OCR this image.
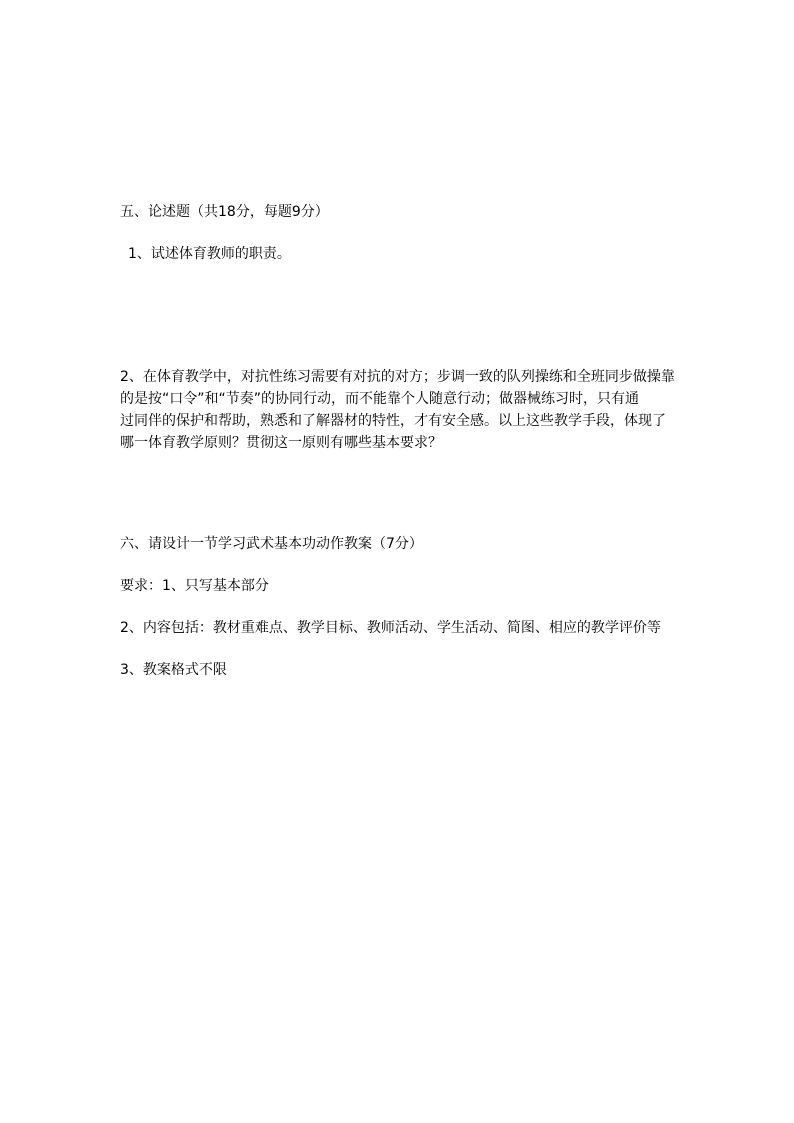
五、论述题（共18分，每题9分）
1、试述体育教师的职责。
2、在体育教学中，对抗性练习需要有对抗的对方；步调一致的队列操练和全班同步做操靠
的是按“口令”和“节奏”的协同行动，而不能靠个人随意行动；做器械练习时，只有通
过同伴的保护和帮助，熟悉和了解器材的特性，才有安全感。以上这些教学手段，体现了
哪一体育教学原则？贯彻这一原则有哪些基本要求？
六、请设计一节学习武术基本功动作教案（7分）
要求：1、只写基本部分
2、内容包括：教材重难点、教学目标、教师活动、学生活动、简图、相应的教学评价等
3、教案格式不限
